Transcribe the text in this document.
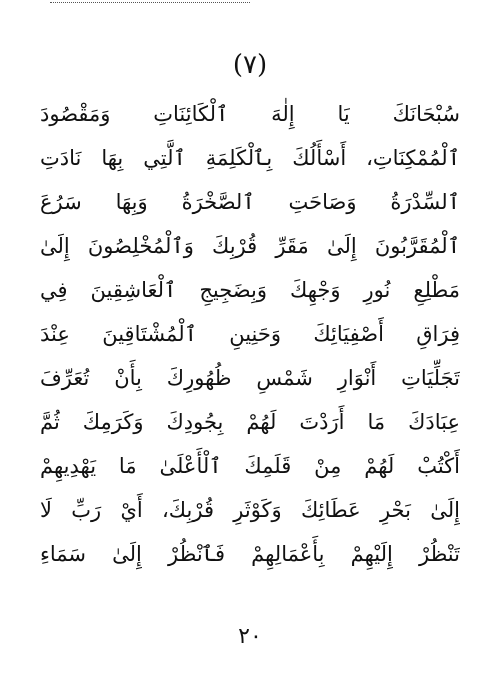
(٧)
سُبْحَانَكَ يَا إِلٰهَ ٱلْكَائِنَاتِ وَمَقْصُودَ
ٱلْمُمْكِنَاتِ، أَسْأَلُكَ بِٱلْكَلِمَةِ ٱلَّتِي بِهَا نَادَتِ
ٱلسِّدْرَةُ وَصَاحَتِ ٱلصَّخْرَةُ وَبِهَا سَرُعَ
ٱلْمُقَرَّبُونَ إِلَىٰ مَقَرِّ قُرْبِكَ وَٱلْمُخْلِصُونَ إِلَىٰ
مَطْلِعِ نُورِ وَجْهِكَ وَبِضَجِيجِ ٱلْعَاشِقِينَ فِي
فِرَاقِ أَصْفِيَائِكَ وَحَنِينِ ٱلْمُشْتَاقِينَ عِنْدَ
تَجَلِّيَاتِ أَنْوَارِ شَمْسِ ظُهُورِكَ بِأَنْ تُعَرِّفَ
عِبَادَكَ مَا أَرَدْتَ لَهُمْ بِجُودِكَ وَكَرَمِكَ ثُمَّ
أَكْتُبْ لَهُمْ مِنْ قَلَمِكَ ٱلْأَعْلَىٰ مَا يَهْدِيهِمْ
إِلَىٰ بَحْرِ عَطَائِكَ وَكَوْثَرِ قُرْبِكَ، أَيْ رَبِّ لَا
تَنْظُرْ إِلَيْهِمْ بِأَعْمَالِهِمْ فَٱنْظُرْ إِلَىٰ سَمَاءِ
٢٠
